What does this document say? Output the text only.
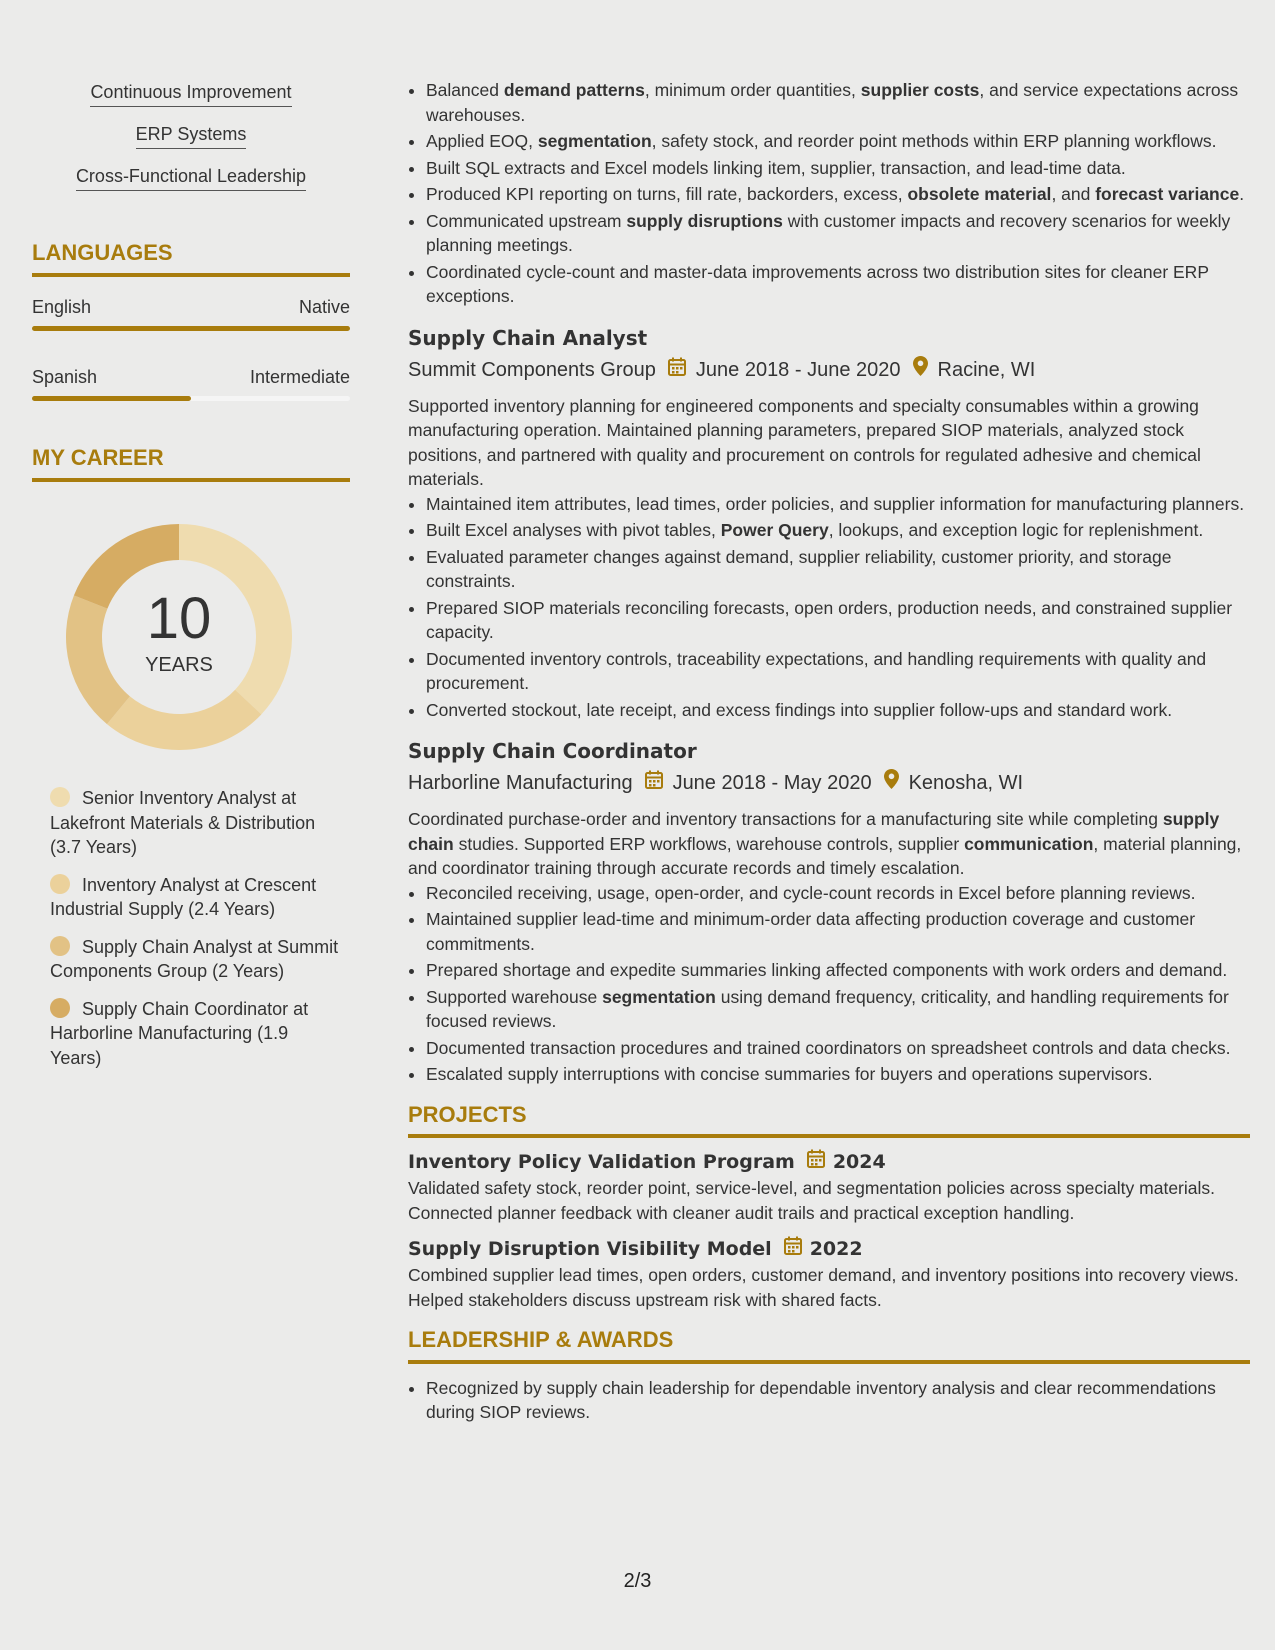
Continuous Improvement
ERP Systems
Cross-Functional Leadership
LANGUAGES
English	Native
Spanish	Intermediate
MY CAREER
10
YEARS
Senior Inventory Analyst at Lakefront Materials & Distribution (3.7 Years)
Inventory Analyst at Crescent Industrial Supply (2.4 Years)
Supply Chain Analyst at Summit Components Group (2 Years)
Supply Chain Coordinator at Harborline Manufacturing (1.9 Years)
• Balanced demand patterns, minimum order quantities, supplier costs, and service expectations across warehouses.
• Applied EOQ, segmentation, safety stock, and reorder point methods within ERP planning workflows.
• Built SQL extracts and Excel models linking item, supplier, transaction, and lead-time data.
• Produced KPI reporting on turns, fill rate, backorders, excess, obsolete material, and forecast variance.
• Communicated upstream supply disruptions with customer impacts and recovery scenarios for weekly planning meetings.
• Coordinated cycle-count and master-data improvements across two distribution sites for cleaner ERP exceptions.
Supply Chain Analyst
Summit Components Group June 2018 - June 2020 Racine, WI
Supported inventory planning for engineered components and specialty consumables within a growing manufacturing operation. Maintained planning parameters, prepared SIOP materials, analyzed stock positions, and partnered with quality and procurement on controls for regulated adhesive and chemical materials.
• Maintained item attributes, lead times, order policies, and supplier information for manufacturing planners.
• Built Excel analyses with pivot tables, Power Query, lookups, and exception logic for replenishment.
• Evaluated parameter changes against demand, supplier reliability, customer priority, and storage constraints.
• Prepared SIOP materials reconciling forecasts, open orders, production needs, and constrained supplier capacity.
• Documented inventory controls, traceability expectations, and handling requirements with quality and procurement.
• Converted stockout, late receipt, and excess findings into supplier follow-ups and standard work.
Supply Chain Coordinator
Harborline Manufacturing June 2018 - May 2020 Kenosha, WI
Coordinated purchase-order and inventory transactions for a manufacturing site while completing supply chain studies. Supported ERP workflows, warehouse controls, supplier communication, material planning, and coordinator training through accurate records and timely escalation.
• Reconciled receiving, usage, open-order, and cycle-count records in Excel before planning reviews.
• Maintained supplier lead-time and minimum-order data affecting production coverage and customer commitments.
• Prepared shortage and expedite summaries linking affected components with work orders and demand.
• Supported warehouse segmentation using demand frequency, criticality, and handling requirements for focused reviews.
• Documented transaction procedures and trained coordinators on spreadsheet controls and data checks.
• Escalated supply interruptions with concise summaries for buyers and operations supervisors.
PROJECTS
Inventory Policy Validation Program 2024
Validated safety stock, reorder point, service-level, and segmentation policies across specialty materials. Connected planner feedback with cleaner audit trails and practical exception handling.
Supply Disruption Visibility Model 2022
Combined supplier lead times, open orders, customer demand, and inventory positions into recovery views. Helped stakeholders discuss upstream risk with shared facts.
LEADERSHIP & AWARDS
• Recognized by supply chain leadership for dependable inventory analysis and clear recommendations during SIOP reviews.
2/3
